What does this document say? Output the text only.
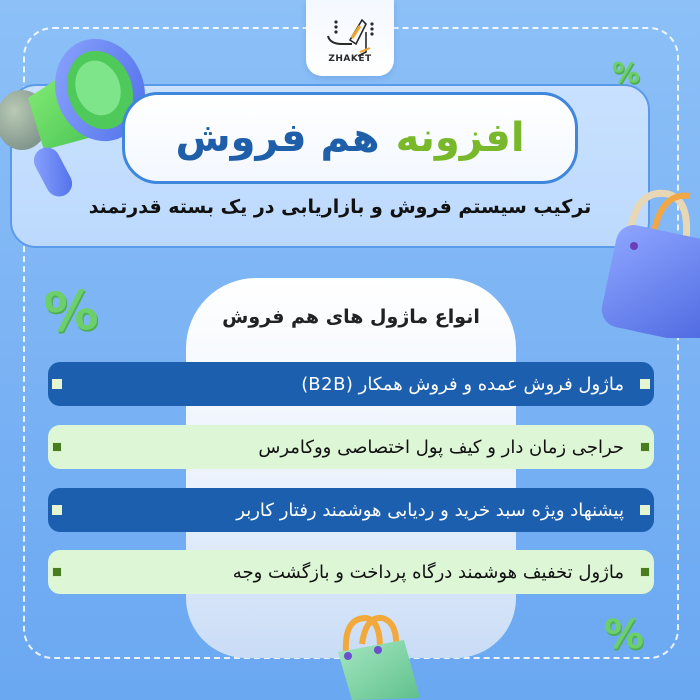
ZHAKET
افزونه
هم فروش
ترکیب سیستم فروش و بازاریابی در یک بسته قدرتمند
%
%
%
انواع ماژول های هم فروش
ماژول فروش عمده و فروش همکار (B2B)
حراجی زمان دار و کیف پول اختصاصی ووکامرس
پیشنهاد ویژه سبد خرید و ردیابی هوشمند رفتار کاربر
ماژول تخفیف هوشمند درگاه پرداخت و بازگشت وجه
